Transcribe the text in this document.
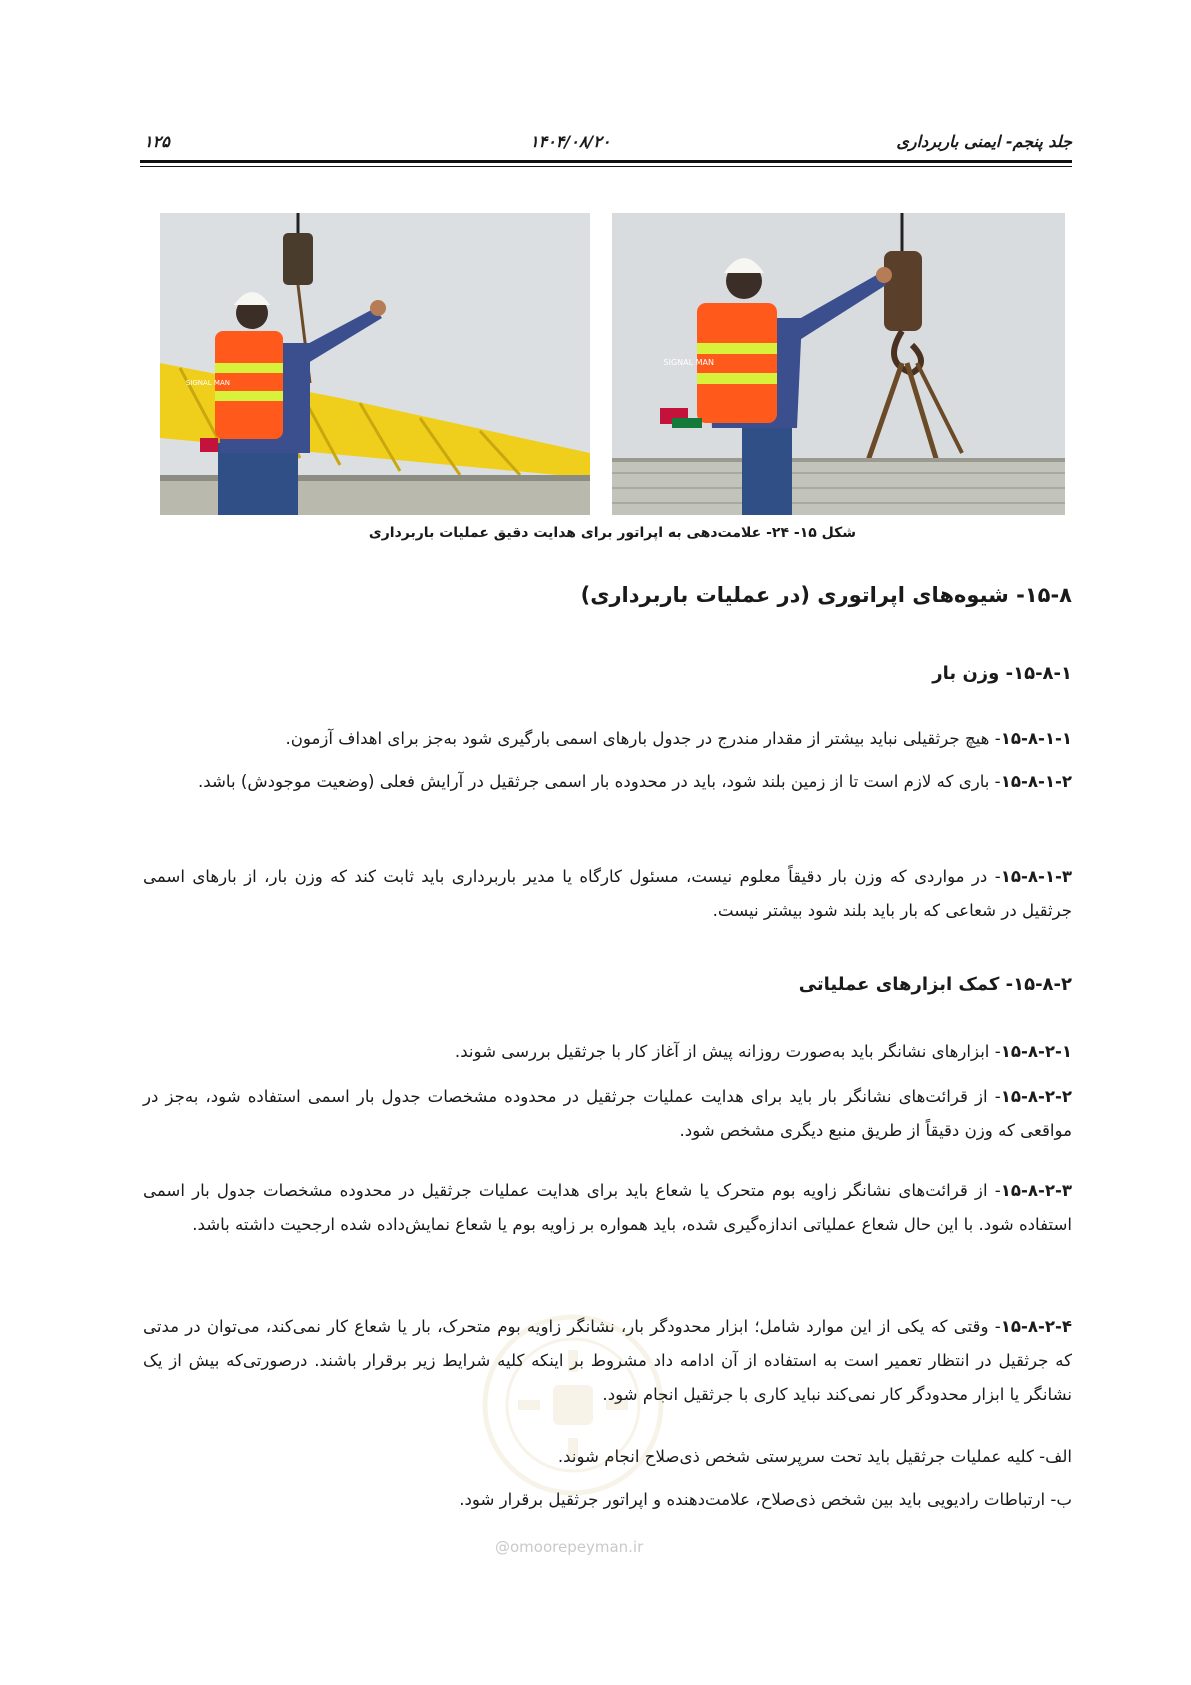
جلد پنجم- ایمنی باربرداری
۱۴۰۴/۰۸/۲۰
۱۲۵
SIGNAL MAN
SIGNAL MAN
شکل ۱۵- ۲۴- علامت‌دهی به اپراتور برای هدایت دقیق عملیات باربرداری
۱۵-۸- شیوه‌های اپراتوری (در عملیات باربرداری)
۱۵-۸-۱- وزن بار
۱۵-۸-۱-۱- هیچ جرثقیلی نباید بیشتر از مقدار مندرج در جدول بارهای اسمی بارگیری شود به‌جز برای اهداف آزمون.
۱۵-۸-۱-۲- باری که لازم است تا از زمین بلند شود، باید در محدوده بار اسمی جرثقیل در آرایش فعلی (وضعیت موجودش) باشد.
۱۵-۸-۱-۳- در مواردی که وزن بار دقیقاً معلوم نیست، مسئول کارگاه یا مدیر باربرداری باید ثابت کند که وزن بار، از بارهای اسمی جرثقیل در شعاعی که بار باید بلند شود بیشتر نیست.
۱۵-۸-۲- کمک ابزارهای عملیاتی
۱۵-۸-۲-۱- ابزارهای نشانگر باید به‌صورت روزانه پیش از آغاز کار با جرثقیل بررسی شوند.
۱۵-۸-۲-۲- از قرائت‌های نشانگر بار باید برای هدایت عملیات جرثقیل در محدوده مشخصات جدول بار اسمی استفاده شود، به‌جز در مواقعی که وزن دقیقاً از طریق منبع دیگری مشخص شود.
۱۵-۸-۲-۳- از قرائت‌های نشانگر زاویه بوم متحرک یا شعاع باید برای هدایت عملیات جرثقیل در محدوده مشخصات جدول بار اسمی استفاده شود. با این حال شعاع عملیاتی اندازه‌گیری شده، باید همواره بر زاویه بوم یا شعاع نمایش‌داده شده ارجحیت داشته باشد.
۱۵-۸-۲-۴- وقتی که یکی از این موارد شامل؛ ابزار محدودگر بار، نشانگر زاویه بوم متحرک، بار یا شعاع کار نمی‌کند، می‌توان در مدتی که جرثقیل در انتظار تعمیر است به استفاده از آن ادامه داد مشروط بر اینکه کلیه شرایط زیر برقرار باشند. درصورتی‌که بیش از یک نشانگر یا ابزار محدودگر کار نمی‌کند نباید کاری با جرثقیل انجام شود.
الف- کلیه عملیات جرثقیل باید تحت سرپرستی شخص ذی‌صلاح انجام شوند.
ب- ارتباطات رادیویی باید بین شخص ذی‌صلاح، علامت‌دهنده و اپراتور جرثقیل برقرار شود.
@omoorepeyman.ir
